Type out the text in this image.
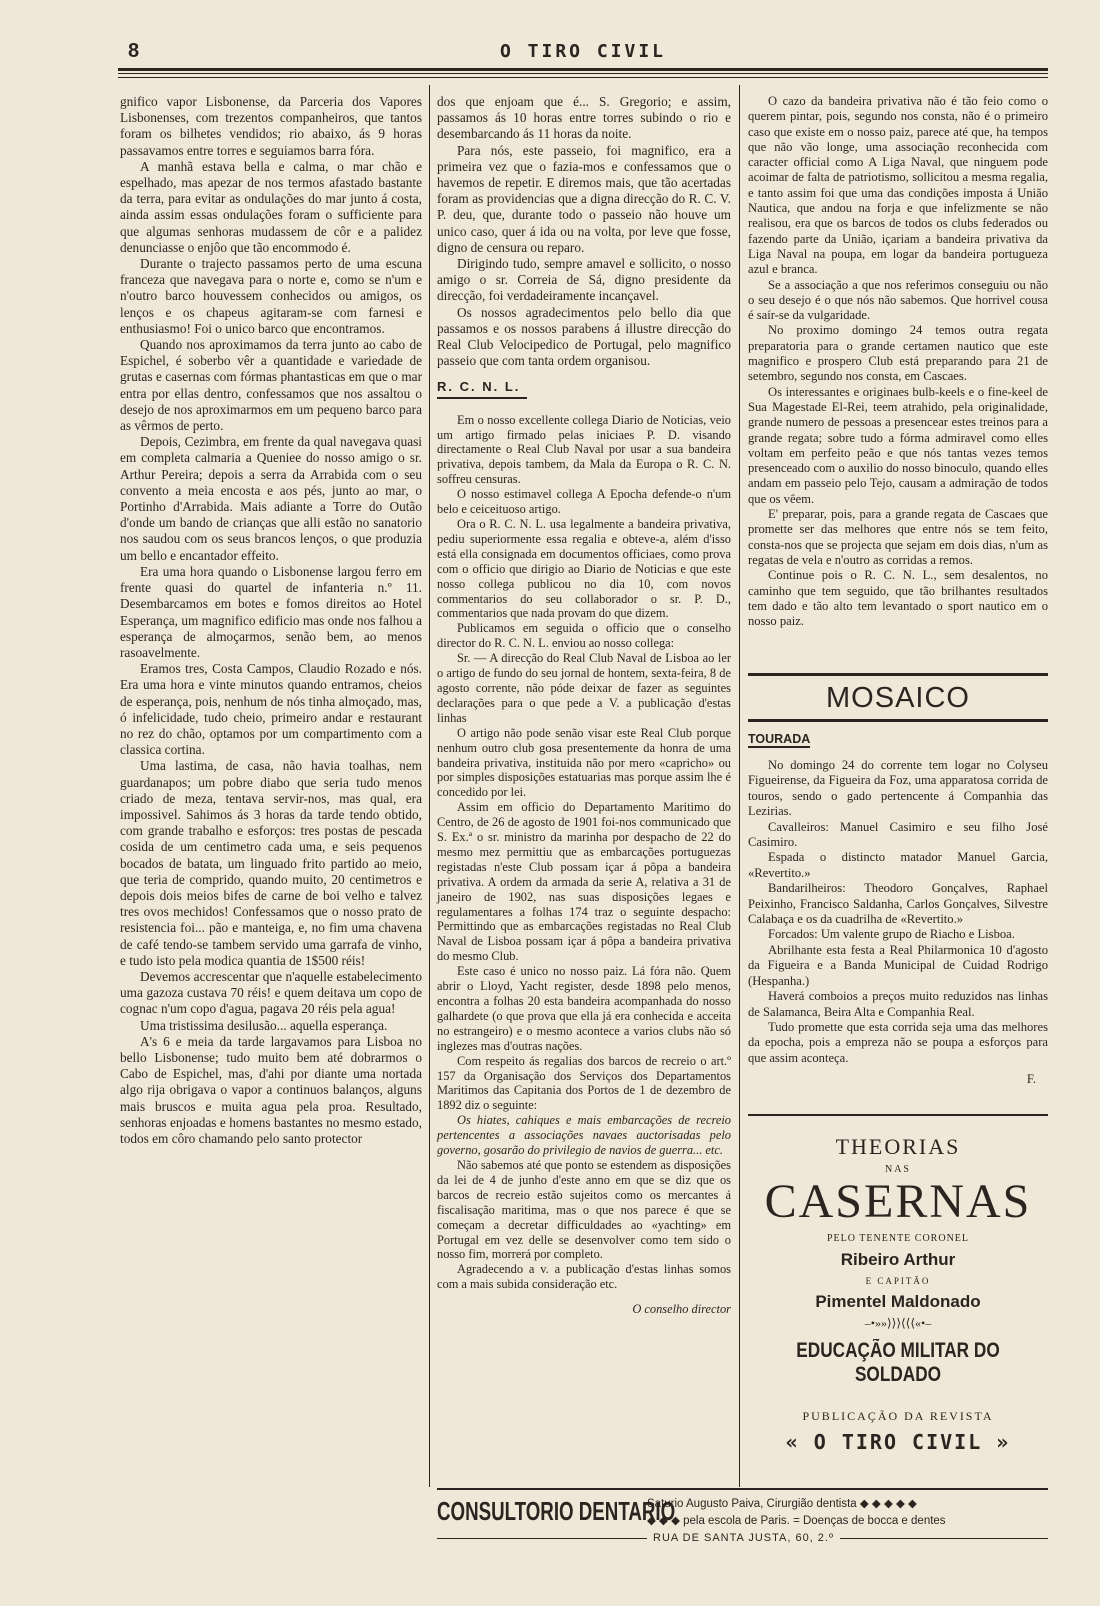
8	O TIRO CIVIL

gnifico vapor Lisbonense, da Parceria dos Vapores Lisbonenses, com trezentos companheiros, que tantos foram os bilhetes vendidos; rio abaixo, ás 9 horas passavamos entre torres e seguiamos barra fóra.

A manhã estava bella e calma, o mar chão e espelhado, mas apezar de nos termos afastado bastante da terra, para evitar as ondulações do mar junto á costa, ainda assim essas ondulações foram o sufficiente para que algumas senhoras mudassem de côr e a palidez denunciasse o enjôo que tão encommodo é.

Durante o trajecto passamos perto de uma escuna franceza que navegava para o norte e, como se n'um e n'outro barco houvessem conhecidos ou amigos, os lenços e os chapeus agitaram-se com farnesi e enthusiasmo! Foi o unico barco que encontramos.

Quando nos aproximamos da terra junto ao cabo de Espichel, é soberbo vêr a quantidade e variedade de grutas e casernas com fórmas phantasticas em que o mar entra por ellas dentro, confessamos que nos assaltou o desejo de nos aproximarmos em um pequeno barco para as vêrmos de perto.

Depois, Cezimbra, em frente da qual navegava quasi em completa calmaria a Queniee do nosso amigo o sr. Arthur Pereira; depois a serra da Arrabida com o seu convento a meia encosta e aos pés, junto ao mar, o Portinho d'Arrabida. Mais adiante a Torre do Outão d'onde um bando de crianças que alli estão no sanatorio nos saudou com os seus brancos lenços, o que produzia um bello e encantador effeito.

Era uma hora quando o Lisbonense largou ferro em frente quasi do quartel de infanteria n.º 11. Desembarcamos em botes e fomos direitos ao Hotel Esperança, um magnifico edificio mas onde nos falhou a esperança de almoçarmos, senão bem, ao menos rasoavelmente.

Eramos tres, Costa Campos, Claudio Rozado e nós. Era uma hora e vinte minutos quando entramos, cheios de esperança, pois, nenhum de nós tinha almoçado, mas, ó infelicidade, tudo cheio, primeiro andar e restaurant no rez do chão, optamos por um compartimento com a classica cortina.

Uma lastima, de casa, não havia toalhas, nem guardanapos; um pobre diabo que seria tudo menos criado de meza, tentava servir-nos, mas qual, era impossivel. Sahimos ás 3 horas da tarde tendo obtido, com grande trabalho e esforços: tres postas de pescada cosida de um centimetro cada uma, e seis pequenos bocados de batata, um linguado frito partido ao meio, que teria de comprido, quando muito, 20 centimetros e depois dois meios bifes de carne de boi velho e talvez tres ovos mechidos! Confessamos que o nosso prato de resistencia foi... pão e manteiga, e, no fim uma chavena de café tendo-se tambem servido uma garrafa de vinho, e tudo isto pela modica quantia de 1$500 réis!

Devemos accrescentar que n'aquelle estabelecimento uma gazoza custava 70 réis! e quem deitava um copo de cognac n'um copo d'agua, pagava 20 réis pela agua!

Uma tristissima desilusão... aquella esperança.

A's 6 e meia da tarde largavamos para Lisboa no bello Lisbonense; tudo muito bem até dobrarmos o Cabo de Espichel, mas, d'ahi por diante uma nortada algo rija obrigava o vapor a continuos balanços, alguns mais bruscos e muita agua pela proa. Resultado, senhoras enjoadas e homens bastantes no mesmo estado, todos em côro chamando pelo santo protector

dos que enjoam que é... S. Gregorio; e assim, passamos ás 10 horas entre torres subindo o rio e desembarcando ás 11 horas da noite.

Para nós, este passeio, foi magnifico, era a primeira vez que o fazia-mos e confessamos que o havemos de repetir. E diremos mais, que tão acertadas foram as providencias que a digna direcção do R. C. V. P. deu, que, durante todo o passeio não houve um unico caso, quer á ida ou na volta, por leve que fosse, digno de censura ou reparo.

Dirigindo tudo, sempre amavel e sollicito, o nosso amigo o sr. Correia de Sá, digno presidente da direcção, foi verdadeiramente incançavel.

Os nossos agradecimentos pelo bello dia que passamos e os nossos parabens á illustre direcção do Real Club Velocipedico de Portugal, pelo magnifico passeio que com tanta ordem organisou.

R. C. N. L.

Em o nosso excellente collega Diario de Noticias, veio um artigo firmado pelas iniciaes P. D. visando directamente o Real Club Naval por usar a sua bandeira privativa, depois tambem, da Mala da Europa o R. C. N. soffreu censuras.

O nosso estimavel collega A Epocha defende-o n'um belo e ceiceituoso artigo.

Ora o R. C. N. L. usa legalmente a bandeira privativa, pediu superiormente essa regalia e obteve-a, além d'isso está ella consignada em documentos officiaes, como prova com o officio que dirigio ao Diario de Noticias e que este nosso collega publicou no dia 10, com novos commentarios do seu collaborador o sr. P. D., commentarios que nada provam do que dizem.

Publicamos em seguida o officio que o conselho director do R. C. N. L. enviou ao nosso collega:

Sr. — A direcção do Real Club Naval de Lisboa ao ler o artigo de fundo do seu jornal de hontem, sexta-feira, 8 de agosto corrente, não póde deixar de fazer as seguintes declarações para o que pede a V. a publicação d'estas linhas

O artigo não pode senão visar este Real Club porque nenhum outro club gosa presentemente da honra de uma bandeira privativa, instituida não por mero «capricho» ou por simples disposições estatuarias mas porque assim lhe é concedido por lei.

Assim em officio do Departamento Maritimo do Centro, de 26 de agosto de 1901 foi-nos communicado que S. Ex.ª o sr. ministro da marinha por despacho de 22 do mesmo mez permittiu que as embarcações portuguezas registadas n'este Club possam içar á pôpa a bandeira privativa. A ordem da armada da serie A, relativa a 31 de janeiro de 1902, nas suas disposições legaes e regulamentares a folhas 174 traz o seguinte despacho: Permittindo que as embarcações registadas no Real Club Naval de Lisboa possam içar á pôpa a bandeira privativa do mesmo Club.

Este caso é unico no nosso paiz. Lá fóra não. Quem abrir o Lloyd, Yacht register, desde 1898 pelo menos, encontra a folhas 20 esta bandeira acompanhada do nosso galhardete (o que prova que ella já era conhecida e acceita no estrangeiro) e o mesmo acontece a varios clubs não só inglezes mas d'outras nações.

Com respeito ás regalias dos barcos de recreio o art.º 157 da Organisação dos Serviços dos Departamentos Maritimos das Capitania dos Portos de 1 de dezembro de 1892 diz o seguinte:

Os hiates, cahiques e mais embarcações de recreio pertencentes a associações navaes auctorisadas pelo governo, gosarão do privilegio de navios de guerra... etc.

Não sabemos até que ponto se estendem as disposições da lei de 4 de junho d'este anno em que se diz que os barcos de recreio estão sujeitos como os mercantes á fiscalisação maritima, mas o que nos parece é que se começam a decretar difficuldades ao «yachting» em Portugal em vez delle se desenvolver como tem sido o nosso fim, morrerá por completo.

Agradecendo a v. a publicação d'estas linhas somos com a mais subida consideração etc.

O conselho director

O cazo da bandeira privativa não é tão feio como o querem pintar, pois, segundo nos consta, não é o primeiro caso que existe em o nosso paiz, parece até que, ha tempos que não vão longe, uma associação reconhecida com caracter official como A Liga Naval, que ninguem pode acoimar de falta de patriotismo, sollicitou a mesma regalia, e tanto assim foi que uma das condições imposta á União Nautica, que andou na forja e que infelizmente se não realisou, era que os barcos de todos os clubs federados ou fazendo parte da União, içariam a bandeira privativa da Liga Naval na poupa, em logar da bandeira portugueza azul e branca.

Se a associação a que nos referimos conseguiu ou não o seu desejo é o que nós não sabemos. Que horrivel cousa é saír-se da vulgaridade.

No proximo domingo 24 temos outra regata preparatoria para o grande certamen nautico que este magnifico e prospero Club está preparando para 21 de setembro, segundo nos consta, em Cascaes.

Os interessantes e originaes bulb-keels e o fine-keel de Sua Magestade El-Rei, teem atrahido, pela originalidade, grande numero de pessoas a presencear estes treinos para a grande regata; sobre tudo a fórma admiravel como elles voltam em perfeito peão e que nós tantas vezes temos presenceado com o auxilio do nosso binoculo, quando elles andam em passeio pelo Tejo, causam a admiração de todos que os vêem.

E' preparar, pois, para a grande regata de Cascaes que promette ser das melhores que entre nós se tem feito, consta-nos que se projecta que sejam em dois dias, n'um as regatas de vela e n'outro as corridas a remos.

Continue pois o R. C. N. L., sem desalentos, no caminho que tem seguido, que tão brilhantes resultados tem dado e tão alto tem levantado o sport nautico em o nosso paiz.

MOSAICO
TOURADA

No domingo 24 do corrente tem logar no Colyseu Figueirense, da Figueira da Foz, uma apparatosa corrida de touros, sendo o gado pertencente á Companhia das Lezirias.

Cavalleiros: Manuel Casimiro e seu filho José Casimiro.

Espada o distincto matador Manuel Garcia, «Revertito.»

Bandarilheiros: Theodoro Gonçalves, Raphael Peixinho, Francisco Saldanha, Carlos Gonçalves, Silvestre Calabaça e os da cuadrilha de «Revertito.»

Forcados: Um valente grupo de Riacho e Lisboa.

Abrilhante esta festa a Real Philarmonica 10 d'agosto da Figueira e a Banda Municipal de Cuidad Rodrigo (Hespanha.)

Haverá comboios a preços muito reduzidos nas linhas de Salamanca, Beira Alta e Companhia Real.

Tudo promette que esta corrida seja uma das melhores da epocha, pois a empreza não se poupa a esforços para que assim aconteça.

F.
THEORIAS
NAS
CASERNAS
PELO TENENTE CORONEL
Ribeiro Arthur
E CAPITÃO
Pimentel Maldonado
–•»»⟩⟩⟩⟨⟨⟨«•–
EDUCAÇÃO MILITAR DO SOLDADO
PUBLICAÇÃO DA REVISTA
« O TIRO CIVIL »
CONSULTORIO DENTARIO
Saturio Augusto Paiva, Cirurgião dentista ◆ ◆ ◆ ◆ ◆
◆ ◆ ◆ pela escola de Paris. = Doenças de bocca e dentes
RUA DE SANTA JUSTA, 60, 2.º
